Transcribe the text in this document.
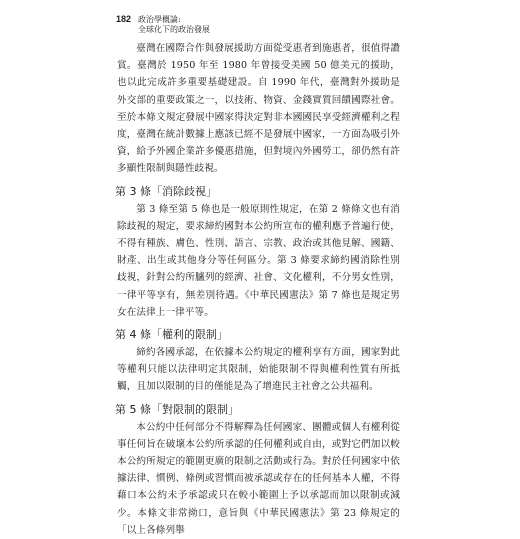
182 政治學概論:
全球化下的政治發展

臺灣在國際合作與發展援助方面從受惠者到施惠者，很值得讚賞。臺灣於 1950 年至 1980 年曾接受美國 50 億美元的援助，也以此完成許多重要基礎建設。自 1990 年代，臺灣對外援助是外交部的重要政策之一，以技術、物資、金錢實質回饋國際社會。至於本條文規定發展中國家得決定對非本國國民享受經濟權利之程度，臺灣在統計數據上應該已經不是發展中國家，一方面為吸引外資，給予外國企業許多優惠措施，但對境內外國勞工，卻仍然有許多顯性限制與隱性歧視。

第 3 條「消除歧視」

第 3 條至第 5 條也是一般原則性規定，在第 2 條條文也有消除歧視的規定，要求締約國對本公約所宣布的權利應予普遍行使，不得有種族、膚色、性別、語言、宗教、政治或其他見解、國籍、財產、出生或其他身分等任何區分。第 3 條要求締約國消除性別歧視，針對公約所臚列的經濟、社會、文化權利，不分男女性別，一律平等享有，無差別待遇。《中華民國憲法》第 7 條也是規定男女在法律上一律平等。

第 4 條「權利的限制」

締約各國承認，在依據本公約規定的權利享有方面，國家對此等權利只能以法律明定其限制，始能限制不得與權利性質有所抵觸，且加以限制的目的僅能是為了增進民主社會之公共福利。

第 5 條「對限制的限制」

本公約中任何部分不得解釋為任何國家、團體或個人有權利從事任何旨在破壞本公約所承認的任何權利或自由，或對它們加以較本公約所規定的範圍更廣的限制之活動或行為。對於任何國家中依據法律、慣例、條例或習慣而被承認或存在的任何基本人權，不得藉口本公約未予承認或只在較小範圍上予以承認而加以限制或減少。本條文非常拗口，意旨與《中華民國憲法》第 23 條規定的「以上各條列舉
